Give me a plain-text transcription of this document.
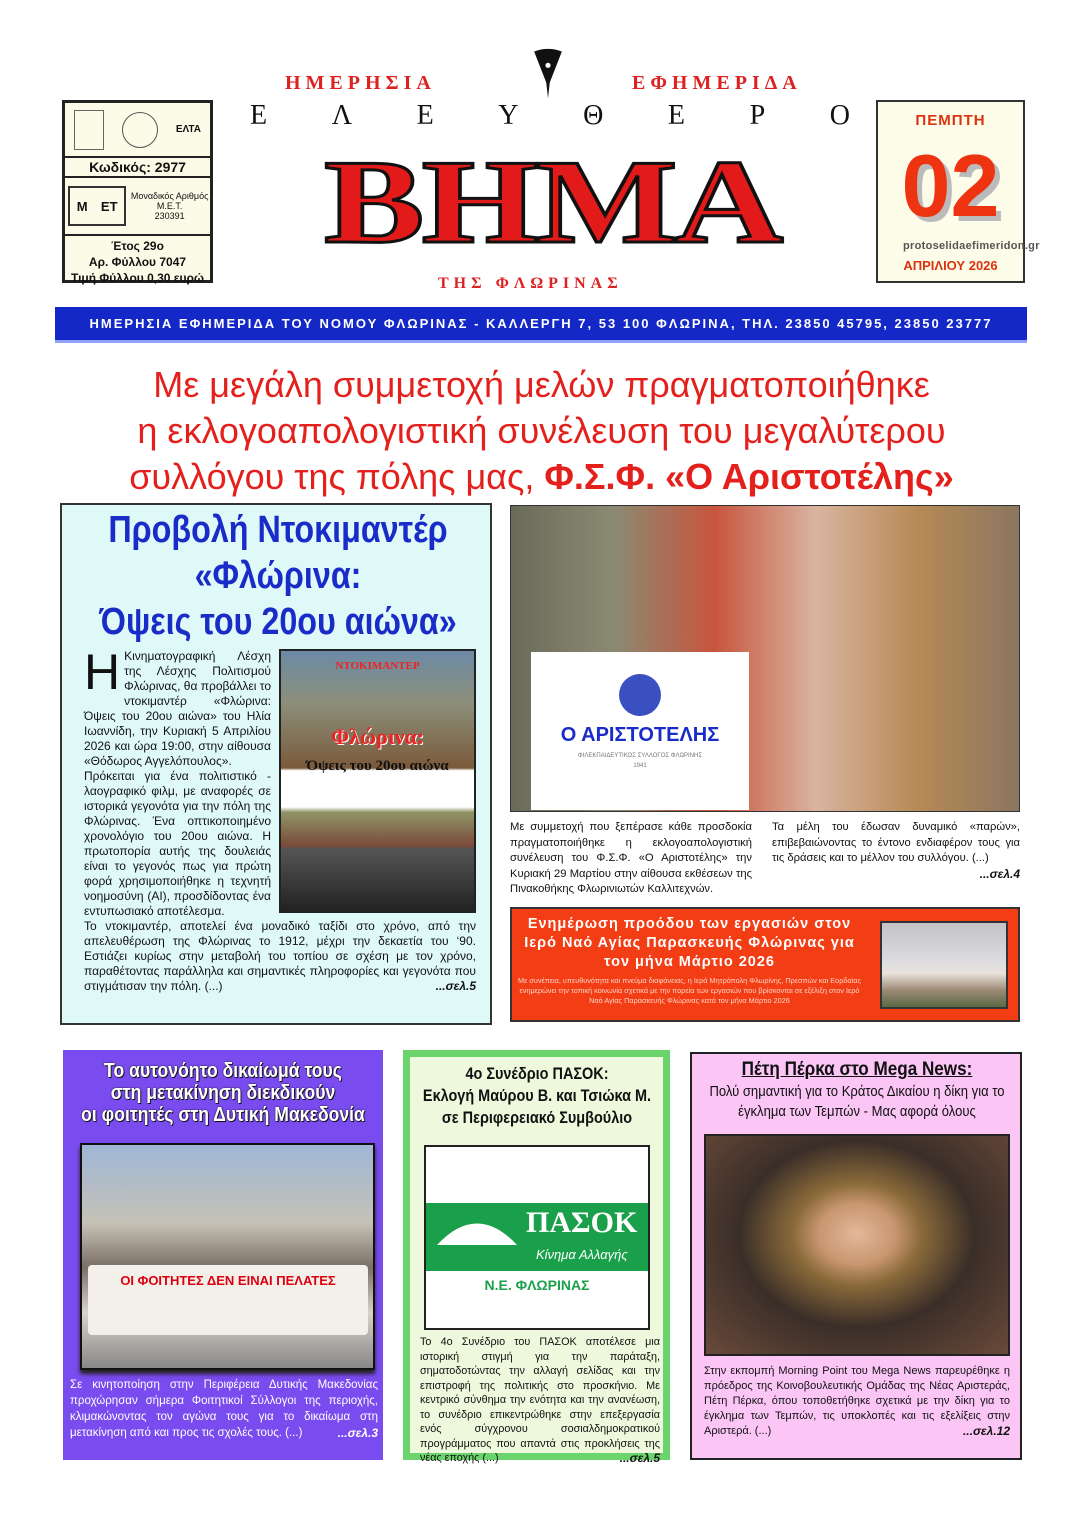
ΕΛΤΑ
Κωδικός: 2977
Μ ΕΤ
Μοναδικός Αριθμός Μ.Ε.Τ.
230391
Έτος 29ο
Αρ. Φύλλου 7047
Τιμή Φύλλου 0,30 ευρώ
ΗΜΕΡΗΣΙΑ	ΕΦΗΜΕΡΙΔΑ
Ε Λ Ε Υ Θ Ε Ρ Ο
ΒΗΜΑ
ΤΗΣ ΦΛΩΡΙΝΑΣ
ΠΕΜΠΤΗ
02
ΑΠΡΙΛΙΟΥ 2026
protoselidaefimeridon.gr
ΗΜΕΡΗΣΙΑ ΕΦΗΜΕΡΙΔΑ ΤΟΥ ΝΟΜΟΥ ΦΛΩΡΙΝΑΣ - ΚΑΛΛΕΡΓΗ 7, 53 100 ΦΛΩΡΙΝΑ, ΤΗΛ. 23850 45795, 23850 23777
Με μεγάλη συμμετοχή μελών πραγματοποιήθηκε
η εκλογοαπολογιστική συνέλευση του μεγαλύτερου
συλλόγου της πόλης μας, Φ.Σ.Φ. «Ο Αριστοτέλης»
Προβολή Ντοκιμαντέρ
«Φλώρινα:
Όψεις του 20ου αιώνα»
ΝΤΟΚΙΜΑΝΤΕΡ
Φλώρινα:
Όψεις του 20ου αιώνα
Η Κινηματογραφική Λέσχη της Λέσχης Πολιτισμού Φλώρινας, θα προβάλλει το ντοκιμαντέρ «Φλώρινα: Όψεις του 20ου αιώνα» του Ηλία Ιωαννίδη, την Κυριακή 5 Απριλίου 2026 και ώρα 19:00, στην αίθουσα «Θόδωρος Αγγελόπουλος».
Πρόκειται για ένα πολιτιστικό - λαογραφικό φιλμ, με αναφορές σε ιστορικά γεγονότα για την πόλη της Φλώρινας. Ένα οπτικοποιημένο χρονολόγιο του 20ου αιώνα. Η πρωτοπορία αυτής της δουλειάς είναι το γεγονός πως για πρώτη φορά χρησιμοποιήθηκε η τεχνητή νοημοσύνη (AI), προσδίδοντας ένα εντυπωσιακό αποτέλεσμα.
Το ντοκιμαντέρ, αποτελεί ένα μοναδικό ταξίδι στο χρόνο, από την απελευθέρωση της Φλώρινας το 1912, μέχρι την δεκαετία του ‘90. Εστιάζει κυρίως στην μεταβολή του τοπίου σε σχέση με τον χρόνο, παραθέτοντας παράλληλα και σημαντικές πληροφορίες και γεγονότα που στιγμάτισαν την πόλη. (...)	...σελ.5
Ο ΑΡΙΣΤΟΤΕΛΗΣ
ΦΙΛΕΚΠΑΙΔΕΥΤΙΚΟΣ ΣΥΛΛΟΓΟΣ ΦΛΩΡΙΝΗΣ
1941
Με συμμετοχή που ξεπέρασε κάθε προσδοκία πραγματοποιήθηκε η εκλογοαπολογιστική συνέλευση του Φ.Σ.Φ. «Ο Αριστοτέλης» την Κυριακή 29 Μαρτίου στην αίθουσα εκθέσεων της Πινακοθήκης Φλωρινιωτών Καλλιτεχνών.
Τα μέλη του έδωσαν δυναμικό «παρών», επιβεβαιώνοντας το έντονο ενδιαφέρον τους για τις δράσεις και το μέλλον του συλλόγου. (...)
...σελ.4
Ενημέρωση προόδου των εργασιών στον Ιερό Ναό Αγίας Παρασκευής Φλώρινας για τον μήνα Μάρτιο 2026

Με συνέπεια, υπευθυνότητα και πνεύμα διαφάνειας, η Ιερά Μητρόπολη Φλωρίνης, Πρεσπών και Εορδαίας ενημερώνει την τοπική κοινωνία σχετικά με την πορεία των εργασιών που βρίσκονται σε εξέλιξη στον Ιερό Ναό Αγίας Παρασκευής Φλώρινας κατά τον μήνα Μάρτιο 2026

Το αυτονόητο δικαίωμά τους
στη μετακίνηση διεκδικούν
οι φοιτητές στη Δυτική Μακεδονία
ΟΙ ΦΟΙΤΗΤΕΣ ΔΕΝ ΕΙΝΑΙ ΠΕΛΑΤΕΣ
Σε κινητοποίηση στην Περιφέρεια Δυτικής Μακεδονίας προχώρησαν σήμερα Φοιτητικοί Σύλλογοι της περιοχής, κλιμακώνοντας τον αγώνα τους για το δικαίωμα στη μετακίνηση από και προς τις σχολές τους. (...)	...σελ.3
4ο Συνέδριο ΠΑΣΟΚ:
Εκλογή Μαύρου Β. και Τσιώκα Μ.
σε Περιφερειακό Συμβούλιο
ΠΑΣΟΚ
Κίνημα Αλλαγής
Ν.Ε. ΦΛΩΡΙΝΑΣ
Το 4ο Συνέδριο του ΠΑΣΟΚ αποτέλεσε μια ιστορική στιγμή για την παράταξη, σηματοδοτώντας την αλλαγή σελίδας και την επιστροφή της πολιτικής στο προσκήνιο. Με κεντρικό σύνθημα την ενότητα και την ανανέωση, το συνέδριο επικεντρώθηκε στην επεξεργασία ενός σύγχρονου σοσιαλδημοκρατικού προγράμματος που απαντά στις προκλήσεις της νέας εποχής (...)	...σελ.5
Πέτη Πέρκα στο Mega News:
Πολύ σημαντική για το Κράτος Δικαίου η δίκη για το έγκλημα των Τεμπών - Μας αφορά όλους
Στην εκπομπή Morning Point του Mega News παρευρέθηκε η πρόεδρος της Κοινοβουλευτικής Ομάδας της Νέας Αριστεράς, Πέτη Πέρκα, όπου τοποθετήθηκε σχετικά με την δίκη για το έγκλημα των Τεμπών, τις υποκλοπές και τις εξελίξεις στην Αριστερά. (...)	...σελ.12
